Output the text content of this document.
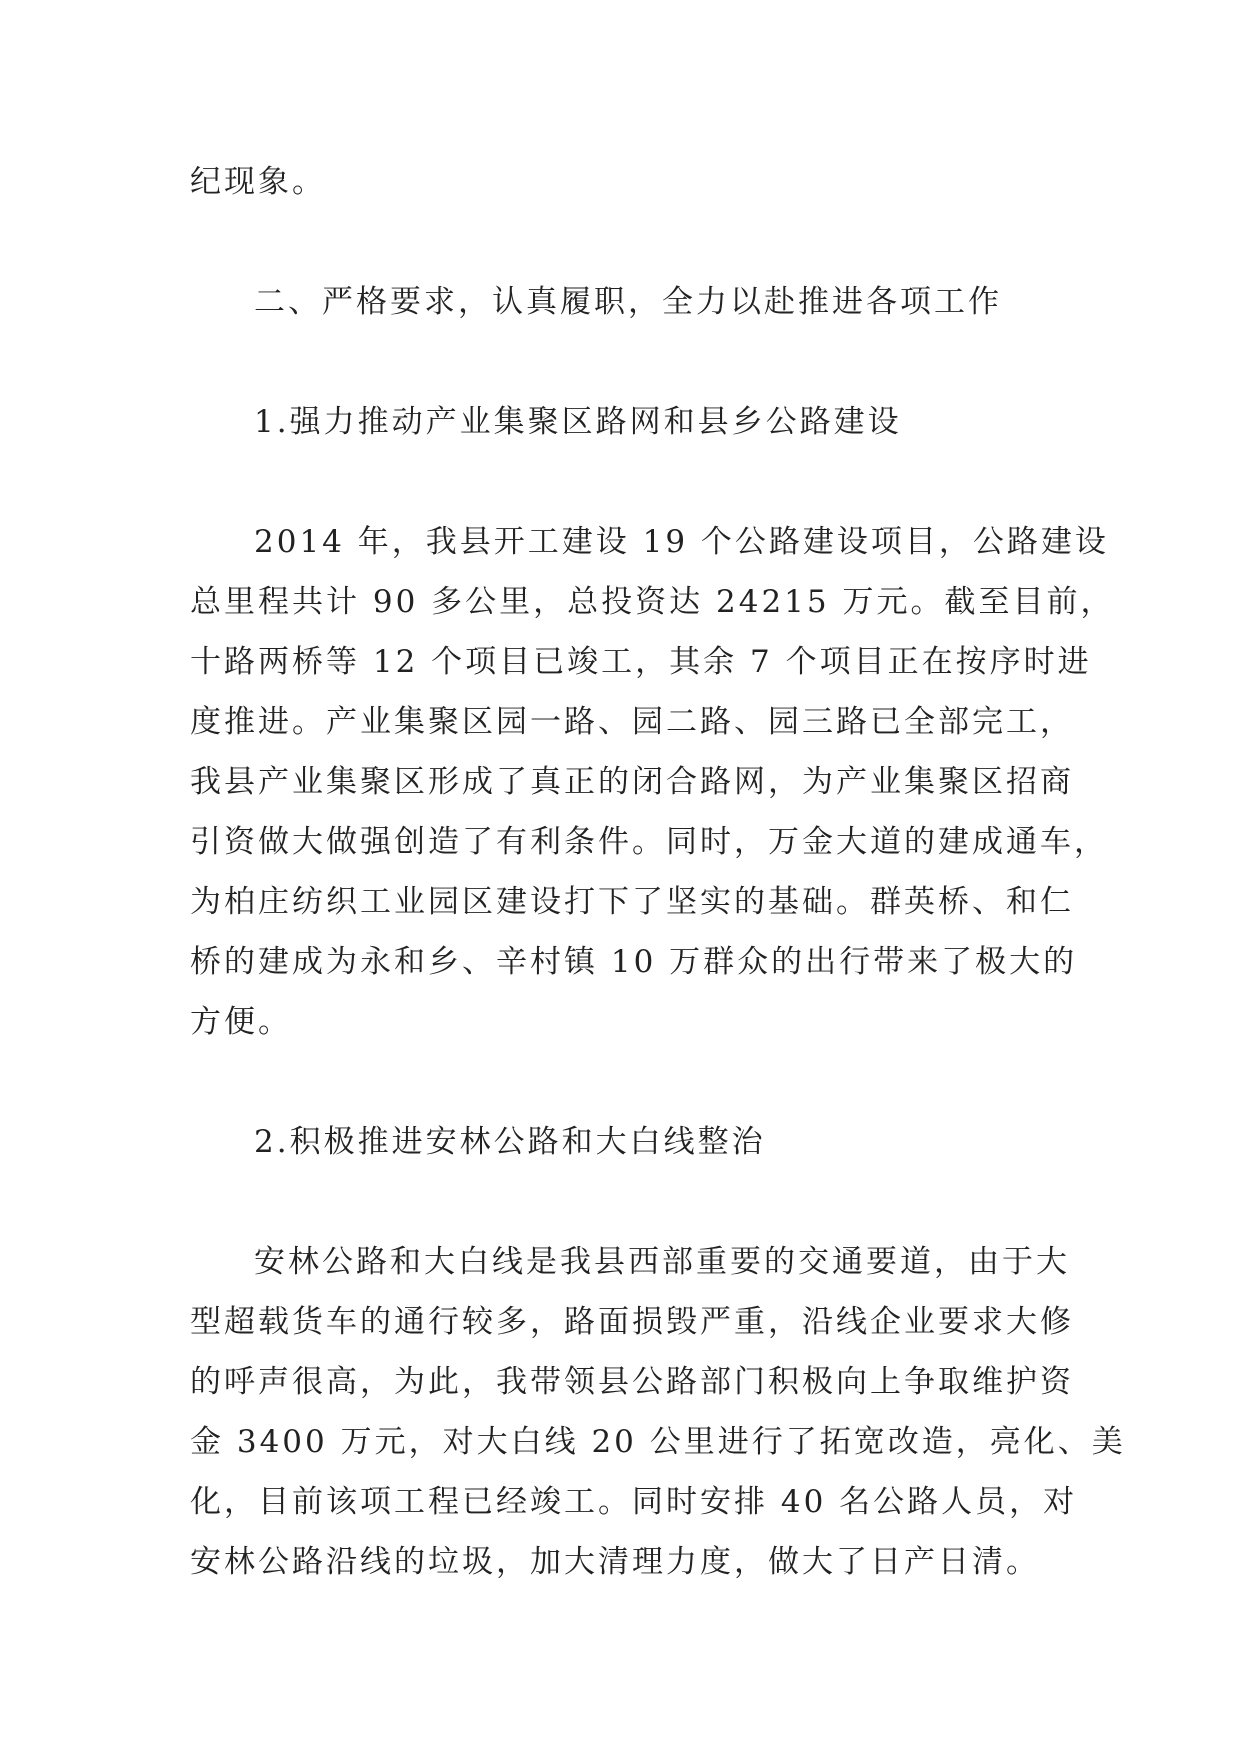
纪现象。
二、严格要求，认真履职，全力以赴推进各项工作
1.强力推动产业集聚区路网和县乡公路建设
2014 年，我县开工建设 19 个公路建设项目，公路建设
总里程共计 90 多公里，总投资达 24215 万元。截至目前，
十路两桥等 12 个项目已竣工，其余 7 个项目正在按序时进
度推进。产业集聚区园一路、园二路、园三路已全部完工，
我县产业集聚区形成了真正的闭合路网，为产业集聚区招商
引资做大做强创造了有利条件。同时，万金大道的建成通车，
为柏庄纺织工业园区建设打下了坚实的基础。群英桥、和仁
桥的建成为永和乡、辛村镇 10 万群众的出行带来了极大的
方便。
2.积极推进安林公路和大白线整治
安林公路和大白线是我县西部重要的交通要道，由于大
型超载货车的通行较多，路面损毁严重，沿线企业要求大修
的呼声很高，为此，我带领县公路部门积极向上争取维护资
金 3400 万元，对大白线 20 公里进行了拓宽改造，亮化、美
化，目前该项工程已经竣工。同时安排 40 名公路人员，对
安林公路沿线的垃圾，加大清理力度，做大了日产日清。
